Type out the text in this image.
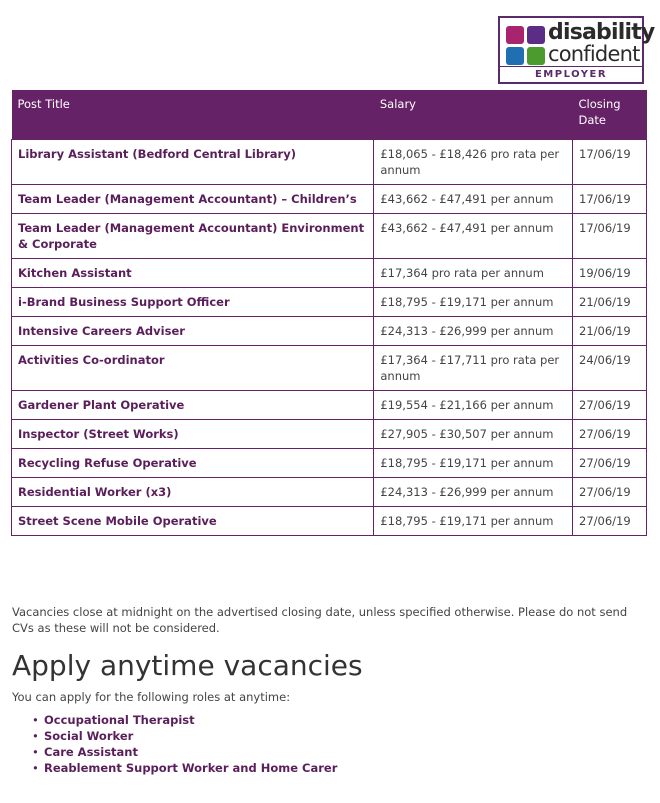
disability
confident
EMPLOYER
Post Title	Salary	Closing Date
Library Assistant (Bedford Central Library)	£18,065 - £18,426 pro rata per annum	17/06/19
Team Leader (Management Accountant) – Children’s	£43,662 - £47,491 per annum	17/06/19
Team Leader (Management Accountant) Environment & Corporate	£43,662 - £47,491 per annum	17/06/19
Kitchen Assistant	£17,364 pro rata per annum	19/06/19
i-Brand Business Support Officer	£18,795 - £19,171 per annum	21/06/19
Intensive Careers Adviser	£24,313 - £26,999 per annum	21/06/19
Activities Co-ordinator	£17,364 - £17,711 pro rata per annum	24/06/19
Gardener Plant Operative	£19,554 - £21,166 per annum	27/06/19
Inspector (Street Works)	£27,905 - £30,507 per annum	27/06/19
Recycling Refuse Operative	£18,795 - £19,171 per annum	27/06/19
Residential Worker (x3)	£24,313 - £26,999 per annum	27/06/19
Street Scene Mobile Operative	£18,795 - £19,171 per annum	27/06/19
Vacancies close at midnight on the advertised closing date, unless specified otherwise. Please do not send CVs as these will not be considered.
Apply anytime vacancies
You can apply for the following roles at anytime:
• Occupational Therapist
• Social Worker
• Care Assistant
• Reablement Support Worker and Home Carer
